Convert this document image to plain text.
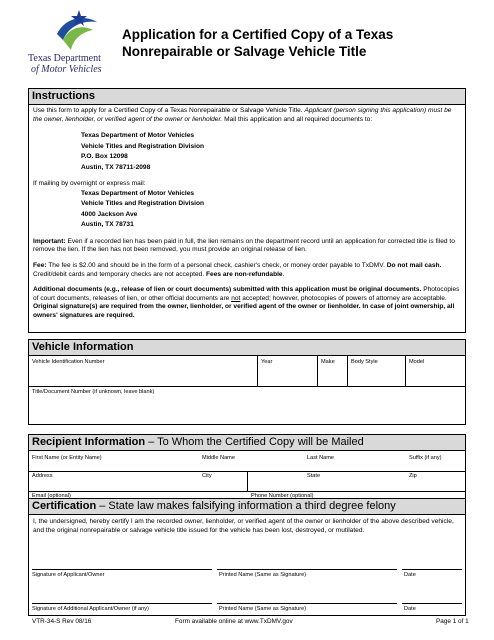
Texas Department
of Motor Vehicles
Application for a Certified Copy of a Texas
Nonrepairable or Salvage Vehicle Title
Instructions

Use this form to apply for a Certified Copy of a Texas Nonrepairable or Salvage Vehicle Title. Applicant (person signing this application) must be the owner, lienholder, or verified agent of the owner or lienholder. Mail this application and all required documents to:

Texas Department of Motor Vehicles
Vehicle Titles and Registration Division
P.O. Box 12098
Austin, TX 78711-2098
If mailing by overnight or express mail:
Texas Department of Motor Vehicles
Vehicle Titles and Registration Division
4000 Jackson Ave
Austin, TX 78731

Important: Even if a recorded lien has been paid in full, the lien remains on the department record until an application for corrected title is filed to remove the lien. If the lien has not been removed, you must provide an original release of lien.

Fee: The fee is $2.00 and should be in the form of a personal check, cashier's check, or money order payable to TxDMV. Do not mail cash. Credit/debit cards and temporary checks are not accepted. Fees are non-refundable.

Additional documents (e.g., release of lien or court documents) submitted with this application must be original documents. Photocopies of court documents, releases of lien, or other official documents are not accepted; however, photocopies of powers of attorney are acceptable. Original signature(s) are required from the owner, lienholder, or verified agent of the owner or lienholder. In case of joint ownership, all owners' signatures are required.

Vehicle Information
Vehicle Identification Number	Year	Make	Body Style	Model
Title/Document Number (if unknown, leave blank)
Recipient Information – To Whom the Certified Copy will be Mailed
First Name (or Entity Name)	Middle Name	Last Name	Suffix (if any)
Address	City	State	Zip
Email (optional)	Phone Number (optional)
Certification – State law makes falsifying information a third degree felony
I, the undersigned, hereby certify I am the recorded owner, lienholder, or verified agent of the owner or lienholder of the above described vehicle, and the original nonrepairable or salvage vehicle title issued for the vehicle has been lost, destroyed, or mutilated.
Signature of Applicant/Owner	Printed Name (Same as Signature)	Date
Signature of Additional Applicant/Owner (if any)	Printed Name (Same as Signature)	Date
VTR-34-S Rev 08/16	Form available online at www.TxDMV.gov	Page 1 of 1
